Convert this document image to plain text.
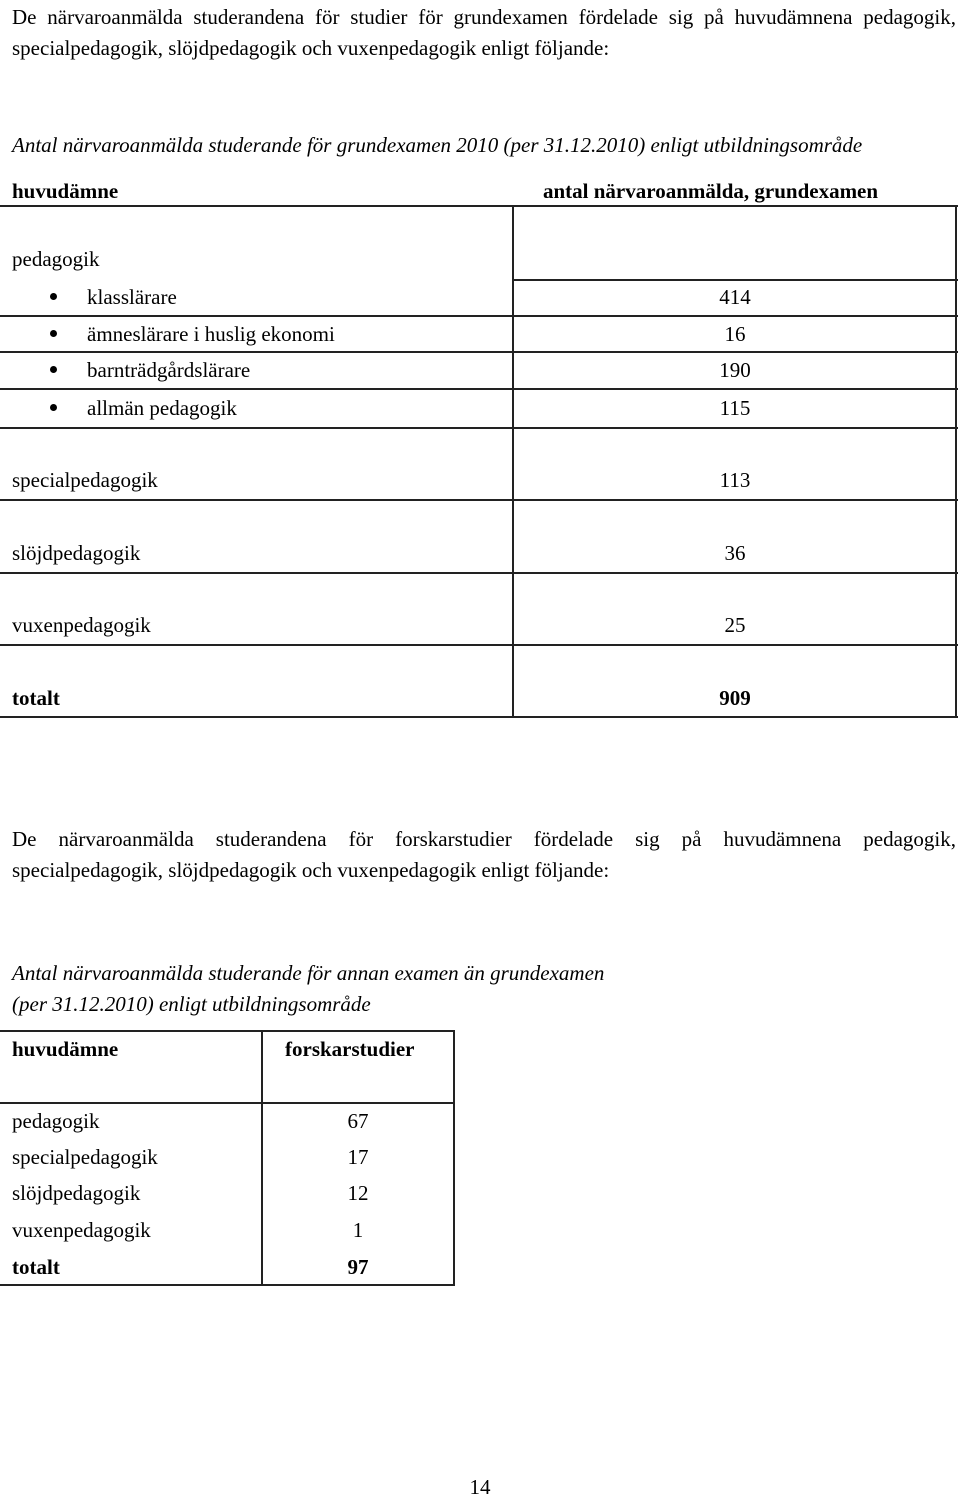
De närvaroanmälda studerandena för studier för grundexamen fördelade sig på huvudämnena pedagogik, specialpedagogik, slöjdpedagogik och vuxenpedagogik enligt följande:
Antal närvaroanmälda studerande för grundexamen 2010 (per 31.12.2010) enligt utbildningsområde
huvudämne	antal närvaroanmälda, grundexamen
pedagogik
klasslärare	414
ämneslärare i huslig ekonomi	16
barnträdgårdslärare	190
allmän pedagogik	115
specialpedagogik	113
slöjdpedagogik	36
vuxenpedagogik	25
totalt	909
De närvaroanmälda studerandena för forskarstudier fördelade sig på huvudämnena pedagogik, specialpedagogik, slöjdpedagogik och vuxenpedagogik enligt följande:
Antal närvaroanmälda studerande för annan examen än grundexamen
(per 31.12.2010) enligt utbildningsområde
huvudämne	forskarstudier
pedagogik	67
specialpedagogik	17
slöjdpedagogik	12
vuxenpedagogik	1
totalt	97
14
